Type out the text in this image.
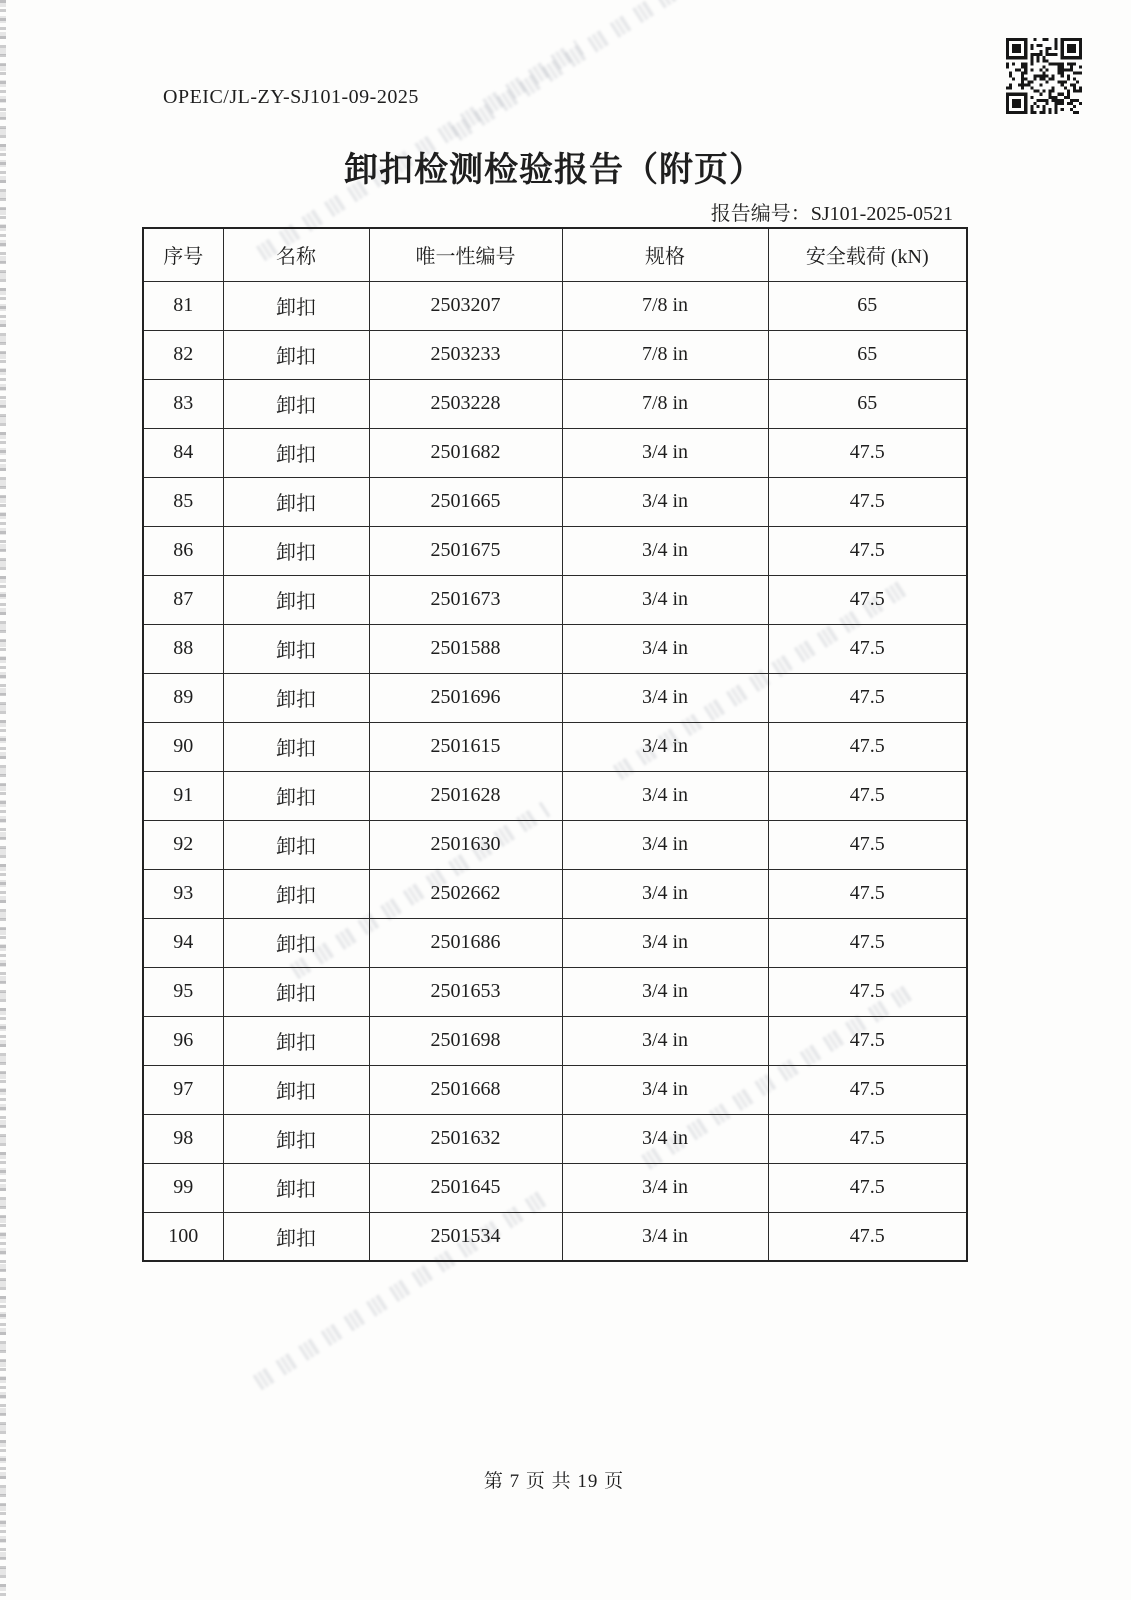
OPEIC/JL-ZY-SJ101-09-2025
卸扣检测检验报告（附页）
报告编号：SJ101-2025-0521
序号	名称	唯一性编号	规格	安全载荷 (kN)
81	卸扣	2503207	7/8 in	65
82	卸扣	2503233	7/8 in	65
83	卸扣	2503228	7/8 in	65
84	卸扣	2501682	3/4 in	47.5
85	卸扣	2501665	3/4 in	47.5
86	卸扣	2501675	3/4 in	47.5
87	卸扣	2501673	3/4 in	47.5
88	卸扣	2501588	3/4 in	47.5
89	卸扣	2501696	3/4 in	47.5
90	卸扣	2501615	3/4 in	47.5
91	卸扣	2501628	3/4 in	47.5
92	卸扣	2501630	3/4 in	47.5
93	卸扣	2502662	3/4 in	47.5
94	卸扣	2501686	3/4 in	47.5
95	卸扣	2501653	3/4 in	47.5
96	卸扣	2501698	3/4 in	47.5
97	卸扣	2501668	3/4 in	47.5
98	卸扣	2501632	3/4 in	47.5
99	卸扣	2501645	3/4 in	47.5
100	卸扣	2501534	3/4 in	47.5
第 7 页 共 19 页
